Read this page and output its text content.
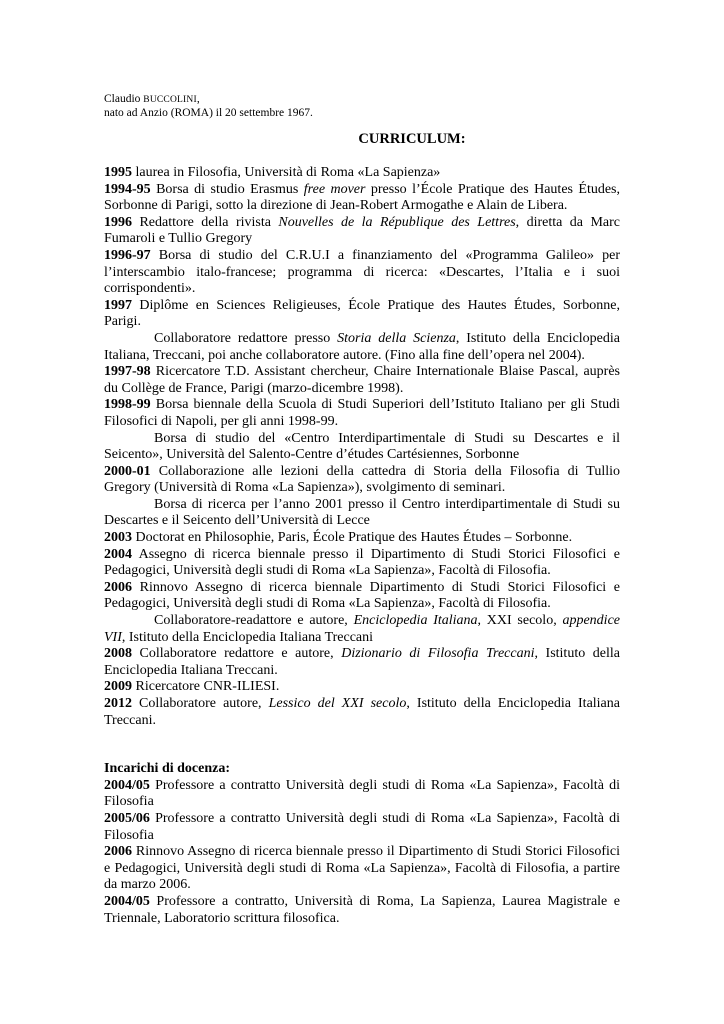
Claudio BUCCOLINI,
nato ad Anzio (ROMA) il 20 settembre 1967.
CURRICULUM:

1995 laurea in Filosofia, Università di Roma «La Sapienza»

1994-95 Borsa di studio Erasmus free mover presso l’École Pratique des Hautes Études, Sorbonne di Parigi, sotto la direzione di Jean-Robert Armogathe e Alain de Libera.

1996 Redattore della rivista Nouvelles de la République des Lettres, diretta da Marc Fumaroli e Tullio Gregory

1996-97 Borsa di studio del C.R.U.I a finanziamento del «Programma Galileo» per l’interscambio italo-francese; programma di ricerca: «Descartes, l’Italia e i suoi corrispondenti».

1997 Diplôme en Sciences Religieuses, École Pratique des Hautes Études, Sorbonne, Parigi.

Collaboratore redattore presso Storia della Scienza, Istituto della Enciclopedia Italiana, Treccani, poi anche collaboratore autore. (Fino alla fine dell’opera nel 2004).

1997-98 Ricercatore T.D. Assistant chercheur, Chaire Internationale Blaise Pascal, auprès du Collège de France, Parigi (marzo-dicembre 1998).

1998-99 Borsa biennale della Scuola di Studi Superiori dell’Istituto Italiano per gli Studi Filosofici di Napoli, per gli anni 1998-99.

Borsa di studio del «Centro Interdipartimentale di Studi su Descartes e il Seicento», Università del Salento-Centre d’études Cartésiennes, Sorbonne

2000-01 Collaborazione alle lezioni della cattedra di Storia della Filosofia di Tullio Gregory (Università di Roma «La Sapienza»), svolgimento di seminari.

Borsa di ricerca per l’anno 2001 presso il Centro interdipartimentale di Studi su Descartes e il Seicento dell’Università di Lecce

2003 Doctorat en Philosophie, Paris, École Pratique des Hautes Études – Sorbonne.

2004 Assegno di ricerca biennale presso il Dipartimento di Studi Storici Filosofici e Pedagogici, Università degli studi di Roma «La Sapienza», Facoltà di Filosofia.

2006 Rinnovo Assegno di ricerca biennale Dipartimento di Studi Storici Filosofici e Pedagogici, Università degli studi di Roma «La Sapienza», Facoltà di Filosofia.

Collaboratore-readattore e autore, Enciclopedia Italiana, XXI secolo, appendice VII, Istituto della Enciclopedia Italiana Treccani

2008 Collaboratore redattore e autore, Dizionario di Filosofia Treccani, Istituto della Enciclopedia Italiana Treccani.

2009 Ricercatore CNR-ILIESI.

2012 Collaboratore autore, Lessico del XXI secolo, Istituto della Enciclopedia Italiana Treccani.

Incarichi di docenza:

2004/05 Professore a contratto Università degli studi di Roma «La Sapienza», Facoltà di Filosofia

2005/06 Professore a contratto Università degli studi di Roma «La Sapienza», Facoltà di Filosofia

2006 Rinnovo Assegno di ricerca biennale presso il Dipartimento di Studi Storici Filosofici e Pedagogici, Università degli studi di Roma «La Sapienza», Facoltà di Filosofia, a partire da marzo 2006.

2004/05 Professore a contratto, Università di Roma, La Sapienza, Laurea Magistrale e Triennale, Laboratorio scrittura filosofica.
